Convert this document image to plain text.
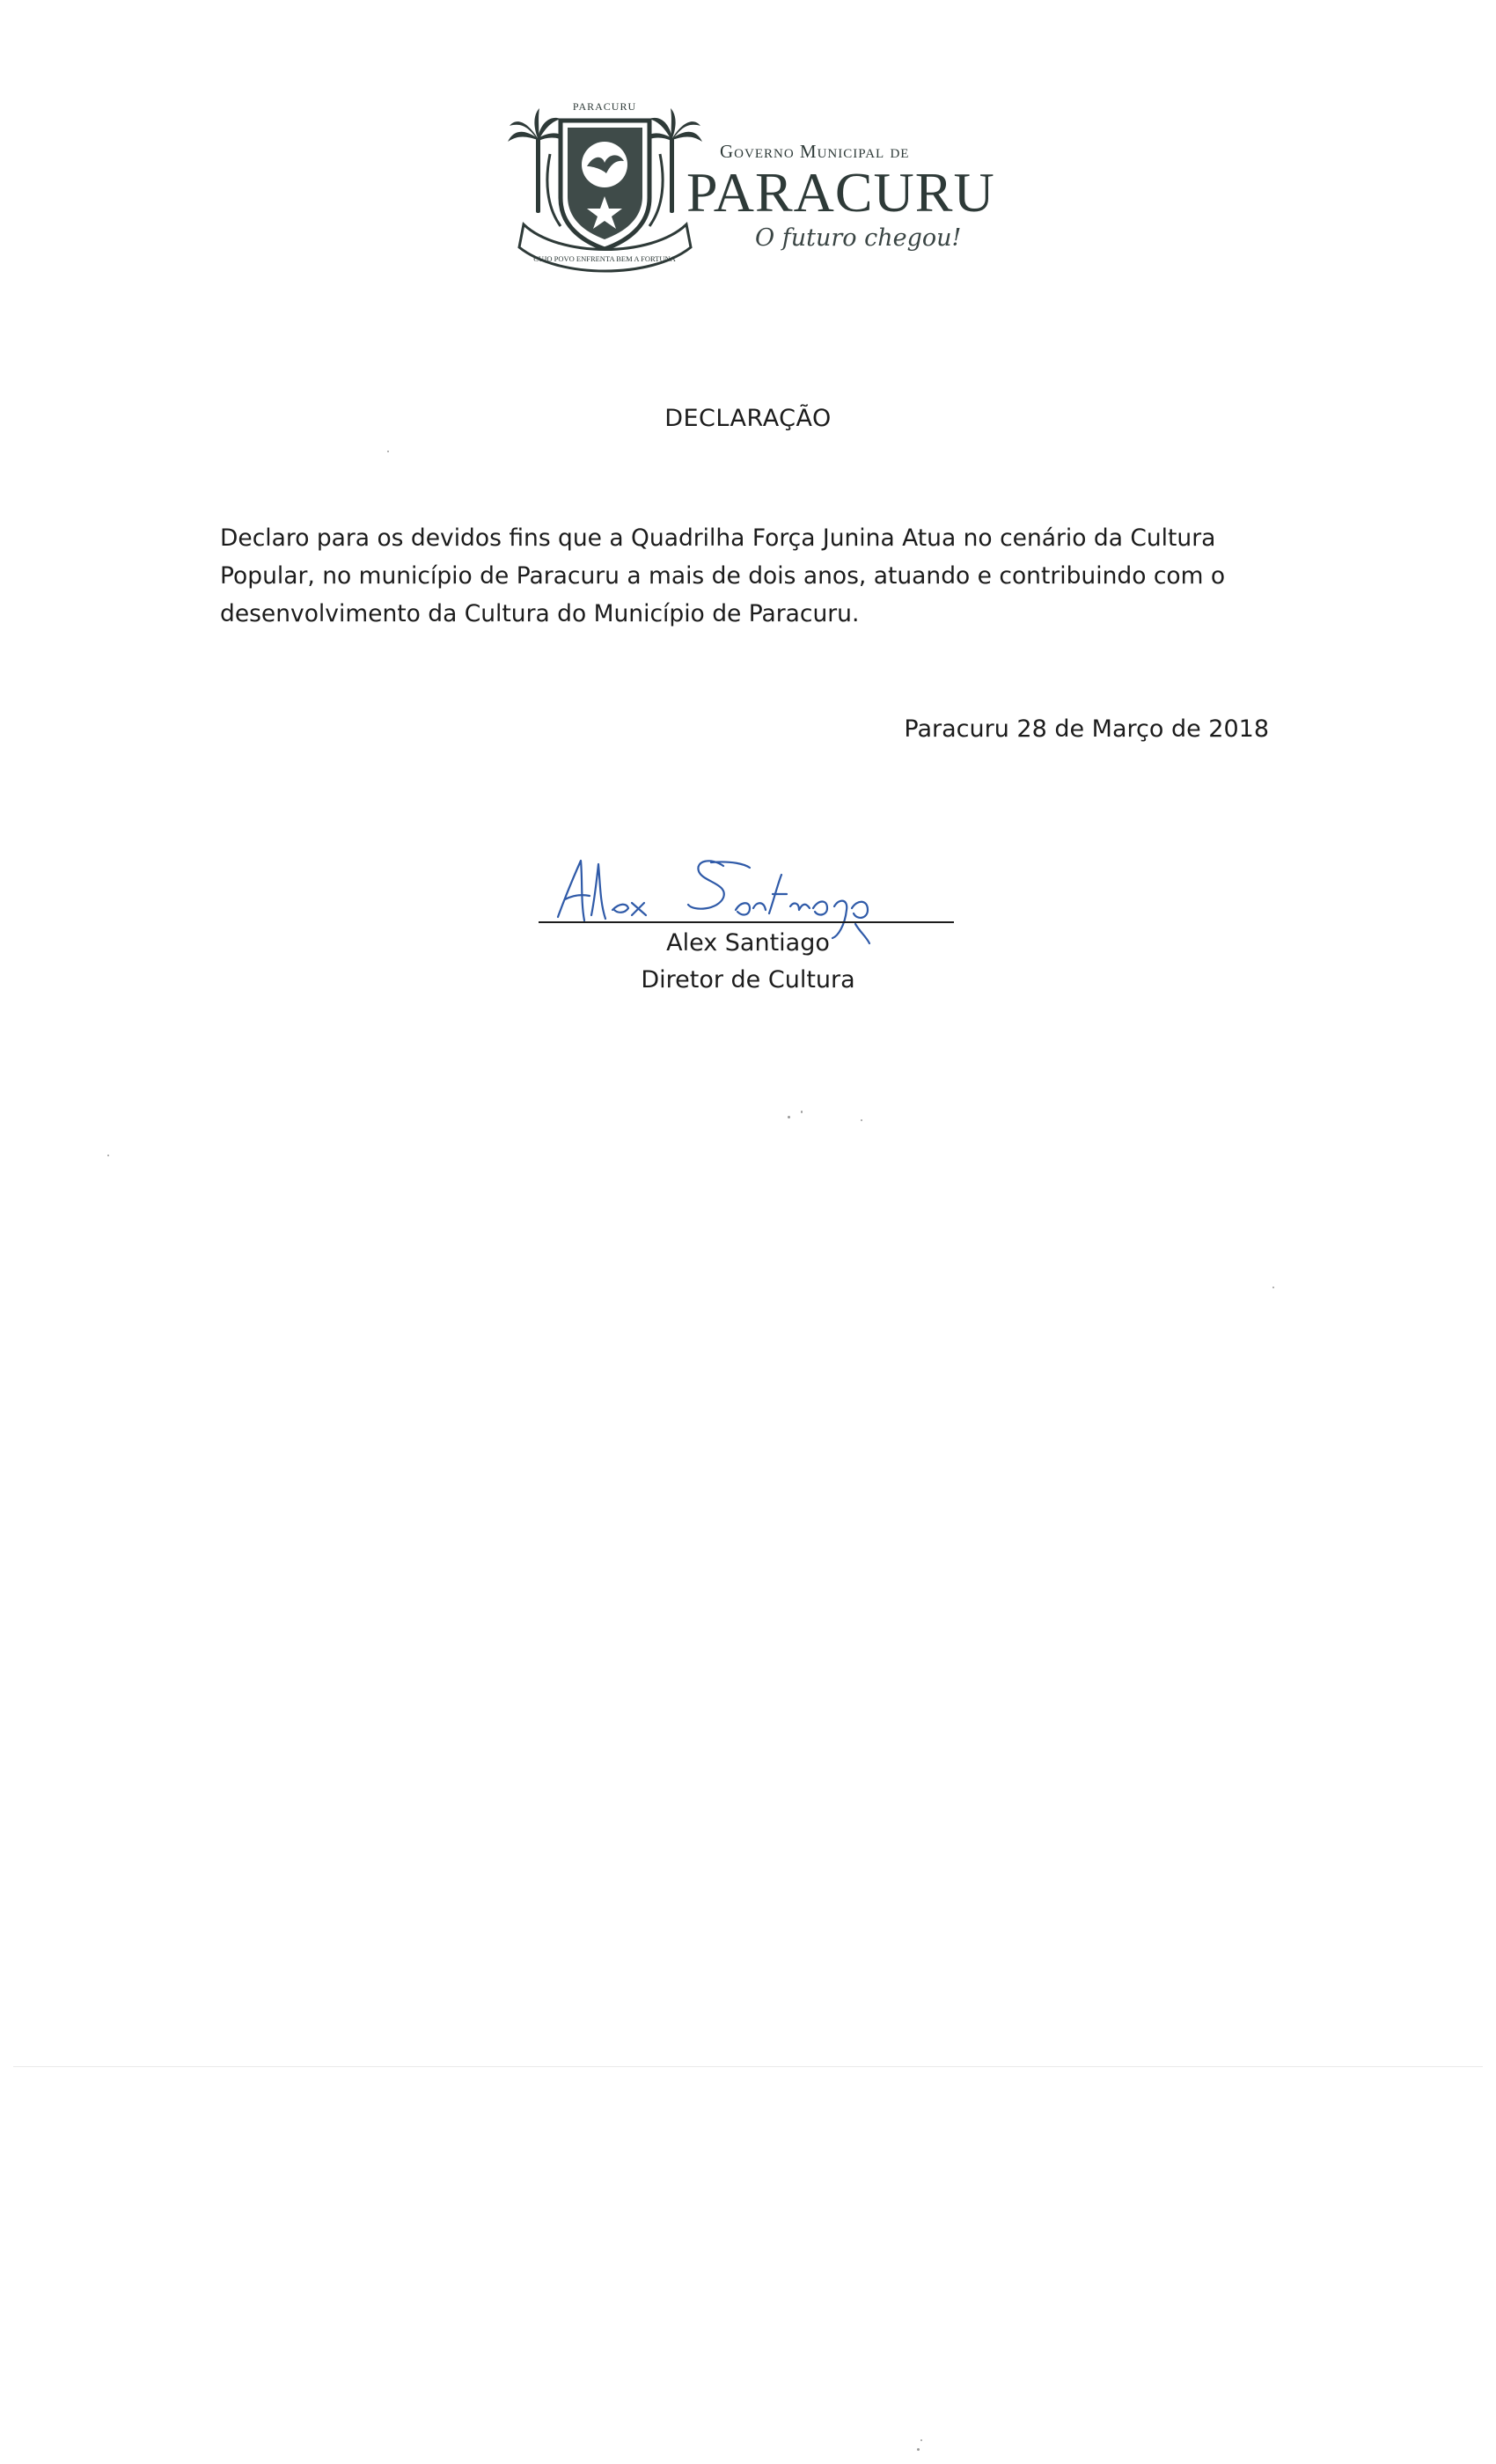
PARACURU
CUJO POVO ENFRENTA BEM A FORTUNA
Governo Municipal de
PARACURU
O futuro chegou!
DECLARAÇÃO
Declaro para os devidos fins que a Quadrilha Força Junina Atua no cenário da Cultura
Popular, no município de Paracuru a mais de dois anos, atuando e contribuindo com o
desenvolvimento da Cultura do Município de Paracuru.
Paracuru 28 de Março de 2018
Alex Santiago
Diretor de Cultura
